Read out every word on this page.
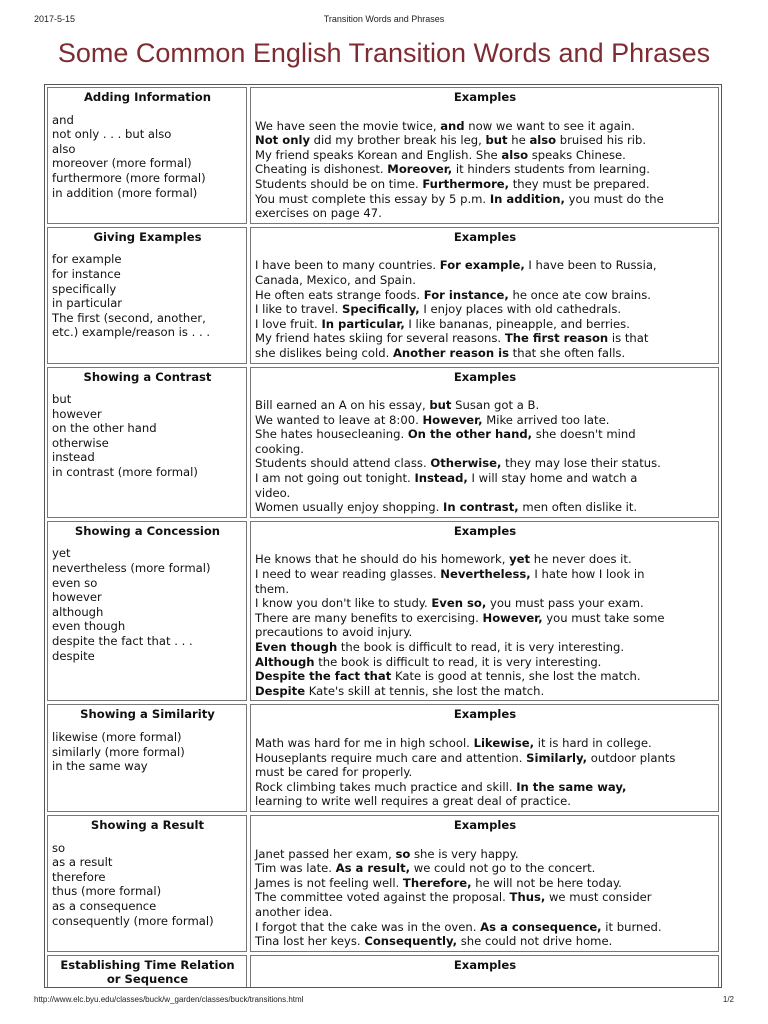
2017-5-15	Transition Words and Phrases
Some Common English Transition Words and Phrases
Adding Information
and
not only . . . but also
also
moreover (more formal)
furthermore (more formal)
in addition (more formal)
Examples
We have seen the movie twice, and now we want to see it again.
Not only did my brother break his leg, but he also bruised his rib.
My friend speaks Korean and English. She also speaks Chinese.
Cheating is dishonest. Moreover, it hinders students from learning.
Students should be on time. Furthermore, they must be prepared.
You must complete this essay by 5 p.m. In addition, you must do the
exercises on page 47.
Giving Examples
for example
for instance
specifically
in particular
The first (second, another,
etc.) example/reason is . . .
Examples
I have been to many countries. For example, I have been to Russia,
Canada, Mexico, and Spain.
He often eats strange foods. For instance, he once ate cow brains.
I like to travel. Specifically, I enjoy places with old cathedrals.
I love fruit. In particular, I like bananas, pineapple, and berries.
My friend hates skiing for several reasons. The first reason is that
she dislikes being cold. Another reason is that she often falls.
Showing a Contrast
but
however
on the other hand
otherwise
instead
in contrast (more formal)
Examples
Bill earned an A on his essay, but Susan got a B.
We wanted to leave at 8:00. However, Mike arrived too late.
She hates housecleaning. On the other hand, she doesn't mind
cooking.
Students should attend class. Otherwise, they may lose their status.
I am not going out tonight. Instead, I will stay home and watch a
video.
Women usually enjoy shopping. In contrast, men often dislike it.
Showing a Concession
yet
nevertheless (more formal)
even so
however
although
even though
despite the fact that . . .
despite
Examples
He knows that he should do his homework, yet he never does it.
I need to wear reading glasses. Nevertheless, I hate how I look in
them.
I know you don't like to study. Even so, you must pass your exam.
There are many benefits to exercising. However, you must take some
precautions to avoid injury.
Even though the book is difficult to read, it is very interesting.
Although the book is difficult to read, it is very interesting.
Despite the fact that Kate is good at tennis, she lost the match.
Despite Kate's skill at tennis, she lost the match.
Showing a Similarity
likewise (more formal)
similarly (more formal)
in the same way
Examples
Math was hard for me in high school. Likewise, it is hard in college.
Houseplants require much care and attention. Similarly, outdoor plants
must be cared for properly.
Rock climbing takes much practice and skill. In the same way,
learning to write well requires a great deal of practice.
Showing a Result
so
as a result
therefore
thus (more formal)
as a consequence
consequently (more formal)
Examples
Janet passed her exam, so she is very happy.
Tim was late. As a result, we could not go to the concert.
James is not feeling well. Therefore, he will not be here today.
The committee voted against the proposal. Thus, we must consider
another idea.
I forgot that the cake was in the oven. As a consequence, it burned.
Tina lost her keys. Consequently, she could not drive home.
Establishing Time Relation or Sequence
Examples
http://www.elc.byu.edu/classes/buck/w_garden/classes/buck/transitions.html	1/2
